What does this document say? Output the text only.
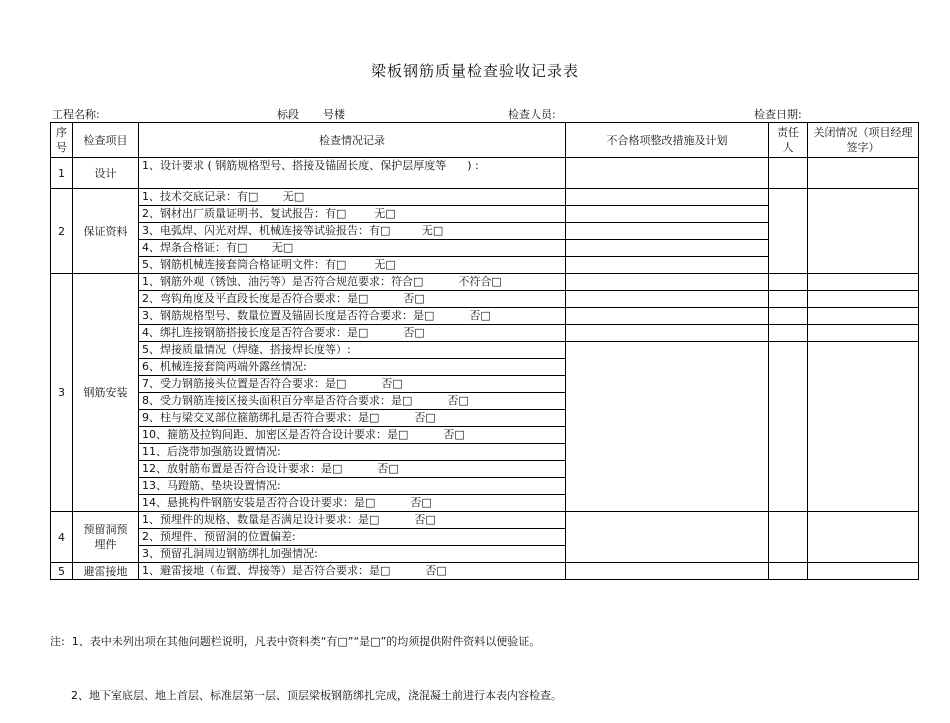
梁板钢筋质量检查验收记录表
工程名称:	标段 号楼	检查人员:	检查日期:
序号	检查项目	检查情况记录	不合格项整改措施及计划	责任人	关闭情况（项目经理签字）
1	设计	1、设计要求 ( 钢筋规格型号、搭接及锚固长度、保护层厚度等      ) :			
2	保证资料	1、技术交底记录：有□       无□			
		2、钢材出厂质量证明书、复试报告：有□        无□			
		3、电弧焊、闪光对焊、机械连接等试验报告：有□         无□			
		4、焊条合格证：有□       无□			
		5、钢筋机械连接套筒合格证明文件：有□        无□			
3	钢筋安装	1、钢筋外观（锈蚀、油污等）是否符合规范要求：符合□          不符合□			
		2、弯钩角度及平直段长度是否符合要求：是□          否□			
		3、钢筋规格型号、数量位置及锚固长度是否符合要求：是□          否□			
		4、绑扎连接钢筋搭接长度是否符合要求：是□          否□			
		5、焊接质量情况（焊缝、搭接焊长度等）:			
		6、机械连接套筒两端外露丝情况:			
		7、受力钢筋接头位置是否符合要求：是□          否□			
		8、受力钢筋连接区接头面积百分率是否符合要求：是□          否□			
		9、柱与梁交叉部位箍筋绑扎是否符合要求：是□          否□			
		10、箍筋及拉钩间距、加密区是否符合设计要求：是□          否□			
		11、后浇带加强筋设置情况:			
		12、放射筋布置是否符合设计要求：是□          否□			
		13、马蹬筋、垫块设置情况:			
		14、悬挑构件钢筋安装是否符合设计要求：是□          否□			
4	预留洞预埋件	1、预埋件的规格、数量是否满足设计要求：是□          否□			
		2、预埋件、预留洞的位置偏差:			
		3、预留孔洞周边钢筋绑扎加强情况:			
5	避雷接地	1、避雷接地（布置、焊接等）是否符合要求：是□          否□			

注:  1、表中未列出项在其他问题栏说明，凡表中资料类“有□”“是□”的均须提供附件资料以便验证。

2、地下室底层、地上首层、标准层第一层、顶层梁板钢筋绑扎完成，浇混凝土前进行本表内容检查。
